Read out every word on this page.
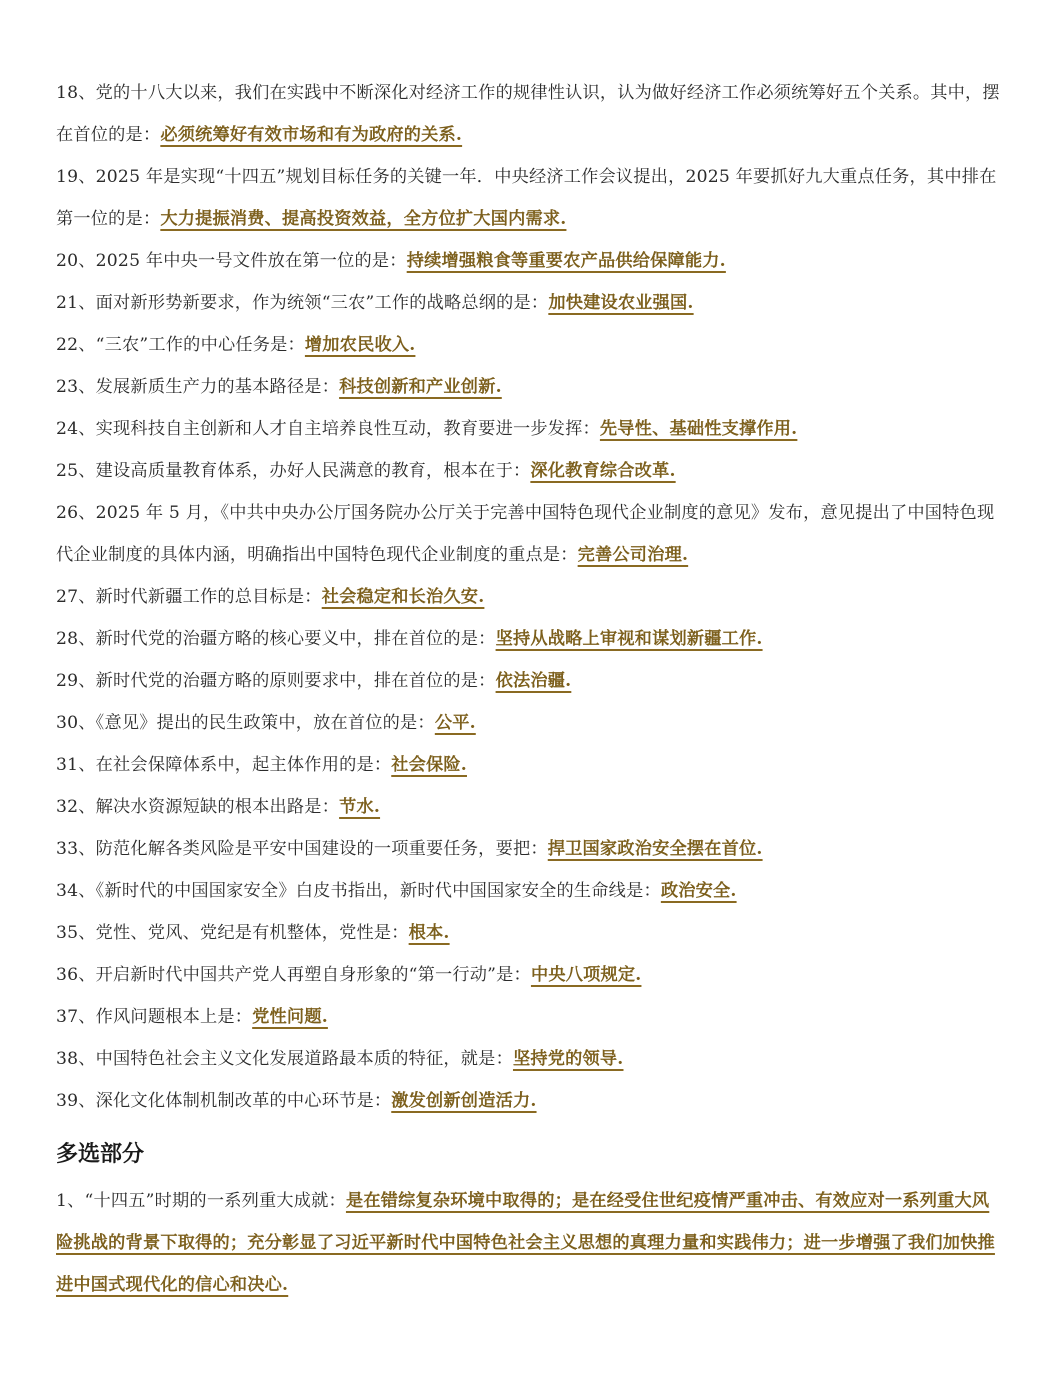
18、党的十八大以来，我们在实践中不断深化对经济工作的规律性认识，认为做好经济工作必须统筹好五个关系。其中，摆在首位的是：必须统筹好有效市场和有为政府的关系.

19、2025 年是实现“十四五”规划目标任务的关键一年．中央经济工作会议提出，2025 年要抓好九大重点任务，其中排在第一位的是：大力提振消费、提高投资效益，全方位扩大国内需求.

20、2025 年中央一号文件放在第一位的是：持续增强粮食等重要农产品供给保障能力.

21、面对新形势新要求，作为统领“三农”工作的战略总纲的是：加快建设农业强国.

22、“三农”工作的中心任务是：增加农民收入.

23、发展新质生产力的基本路径是：科技创新和产业创新.

24、实现科技自主创新和人才自主培养良性互动，教育要进一步发挥：先导性、基础性支撑作用.

25、建设高质量教育体系，办好人民满意的教育，根本在于：深化教育综合改革.

26、2025 年 5 月，《中共中央办公厅国务院办公厅关于完善中国特色现代企业制度的意见》发布，意见提出了中国特色现代企业制度的具体内涵，明确指出中国特色现代企业制度的重点是：完善公司治理.

27、新时代新疆工作的总目标是：社会稳定和长治久安.

28、新时代党的治疆方略的核心要义中，排在首位的是：坚持从战略上审视和谋划新疆工作.

29、新时代党的治疆方略的原则要求中，排在首位的是：依法治疆.

30、《意见》提出的民生政策中，放在首位的是：公平.

31、在社会保障体系中，起主体作用的是：社会保险.

32、解决水资源短缺的根本出路是：节水.

33、防范化解各类风险是平安中国建设的一项重要任务，要把：捍卫国家政治安全摆在首位.

34、《新时代的中国国家安全》白皮书指出，新时代中国国家安全的生命线是：政治安全.

35、党性、党风、党纪是有机整体，党性是：根本.

36、开启新时代中国共产党人再塑自身形象的“第一行动”是：中央八项规定.

37、作风问题根本上是：党性问题.

38、中国特色社会主义文化发展道路最本质的特征，就是：坚持党的领导.

39、深化文化体制机制改革的中心环节是：激发创新创造活力.

多选部分

1、“十四五”时期的一系列重大成就：是在错综复杂环境中取得的；是在经受住世纪疫情严重冲击、有效应对一系列重大风险挑战的背景下取得的；充分彰显了习近平新时代中国特色社会主义思想的真理力量和实践伟力；进一步增强了我们加快推进中国式现代化的信心和决心.
